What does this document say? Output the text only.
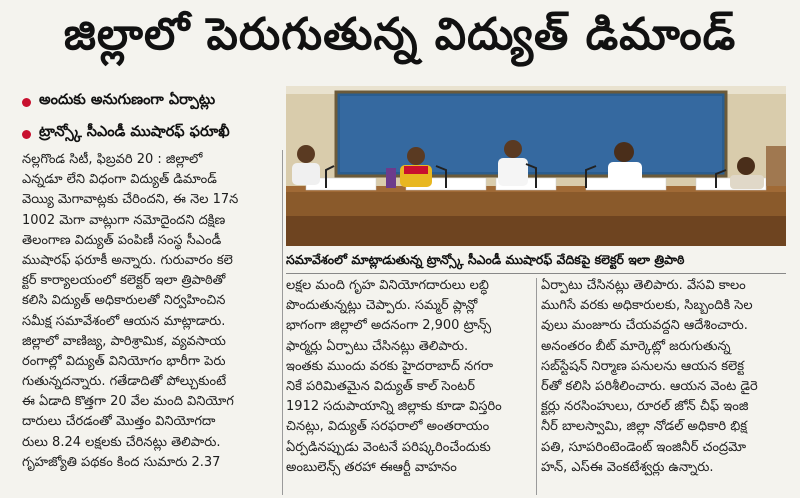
జిల్లాలో పెరుగుతున్న విద్యుత్ డిమాండ్
అందుకు అనుగుణంగా ఏర్పాట్లు
ట్రాన్స్కో సీఎండీ ముషారఫ్ ఫరూఖీ
సమావేశంలో మాట్లాడుతున్న ట్రాన్స్కో సీఎండీ ముషారఫ్ వేదికపై కలెక్టర్ ఇలా త్రిపాఠి
నల్లగొండ సిటీ, ఫిబ్రవరి 20 : జిల్లాలో
ఎన్నడూ లేని విధంగా విద్యుత్ డిమాండ్
వెయ్యి మెగావాట్లకు చేరిందని, ఈ నెల 17న
1002 మెగా వాట్లుగా నమోదైందని దక్షిణ
తెలంగాణ విద్యుత్ పంపిణీ సంస్థ సీఎండీ
ముషారఫ్ ఫరూకీ అన్నారు. గురువారం కలె
క్టర్ కార్యాలయంలో కలెక్టర్ ఇలా త్రిపాఠితో
కలిసి విద్యుత్ అధికారులతో నిర్వహించిన
సమీక్ష సమావేశంలో ఆయన మాట్లాడారు.
జిల్లాలో వాణిజ్య, పారిశ్రామిక, వ్యవసాయ
రంగాల్లో విద్యుత్ వినియోగం భారీగా పెరు
గుతున్నదన్నారు. గతేడాదితో పోల్చుకుంటే
ఈ ఏడాది కొత్తగా 20 వేల మంది వినియోగ
దారులు చేరడంతో మొత్తం వినియోగదా
రులు 8.24 లక్షలకు చేరినట్లు తెలిపారు.
గృహజ్యోతి పథకం కింద సుమారు 2.37
లక్షల మంది గృహ వినియోగదారులు లబ్ధి
పొందుతున్నట్లు చెప్పారు. సమ్మర్ ప్లాన్లో
భాగంగా జిల్లాలో అదనంగా 2,900 ట్రాన్స్
ఫార్మర్లు ఏర్పాటు చేసినట్లు తెలిపారు.
ఇంతకు ముందు వరకు హైదరాబాద్ నగరా
నికే పరిమితమైన విద్యుత్ కాల్ సెంటర్
1912 సదుపాయాన్ని జిల్లాకు కూడా విస్తరిం
చినట్లు, విద్యుత్ సరఫరాలో అంతరాయం
ఏర్పడినప్పుడు వెంటనే పరిష్కరించేందుకు
అంబులెన్స్ తరహా ఈఆర్టీ వాహనం
ఏర్పాటు చేసినట్లు తెలిపారు. వేసవి కాలం
ముగిసే వరకు అధికారులకు, సిబ్బందికి సెల
వులు మంజూరు చేయవద్దని ఆదేశించారు.
అనంతరం బీట్ మార్కెట్లో జరుగుతున్న
సబ్‌స్టేషన్ నిర్మాణ పనులను ఆయన కలెక్ట
ర్‌తో కలిసి పరిశీలించారు. ఆయన వెంట డైరె
క్టర్లు నరసింహులు, రూరల్ జోన్ చీఫ్ ఇంజి
నీర్ బాలస్వామి, జిల్లా నోడల్ అధికారి భిక్ష
పతి, సూపరింటెండెంట్ ఇంజినీర్ చంద్రమో
హన్, ఎస్ఈ వెంకటేశ్వర్లు ఉన్నారు.
